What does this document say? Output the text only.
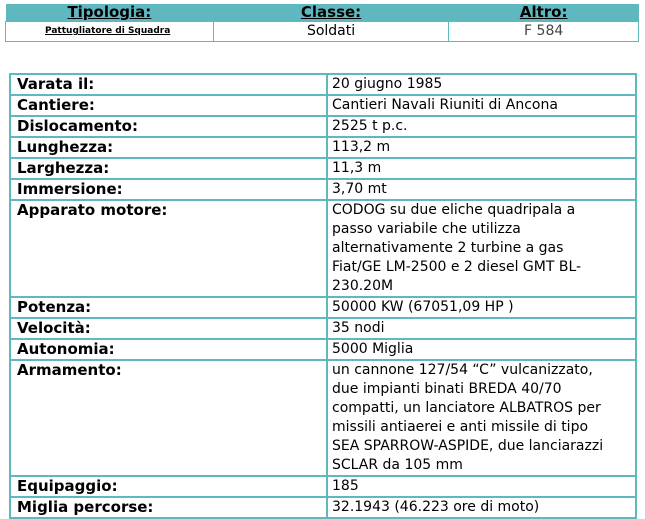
Tipologia:	Classe:	Altro:
Pattugliatore di Squadra	Soldati	F 584
Varata il:	20 giugno 1985
Cantiere:	Cantieri Navali Riuniti di Ancona
Dislocamento:	2525 t p.c.
Lunghezza:	113,2 m
Larghezza:	11,3 m
Immersione:	3,70 mt
Apparato motore:	CODOG su due eliche quadripala a passo variabile che utilizza alternativamente 2 turbine a gas Fiat/GE LM-2500 e 2 diesel GMT BL-230.20M

Potenza:	50000 KW (67051,09 HP )
Velocità:	35 nodi
Autonomia:	5000 Miglia
Armamento:	un cannone 127/54 “C” vulcanizzato, due impianti binati BREDA 40/70 compatti, un lanciatore ALBATROS per missili antiaerei e anti missile di tipo SEA SPARROW-ASPIDE, due lanciarazzi SCLAR da 105 mm

Equipaggio:	185
Miglia percorse:	32.1943 (46.223 ore di moto)
